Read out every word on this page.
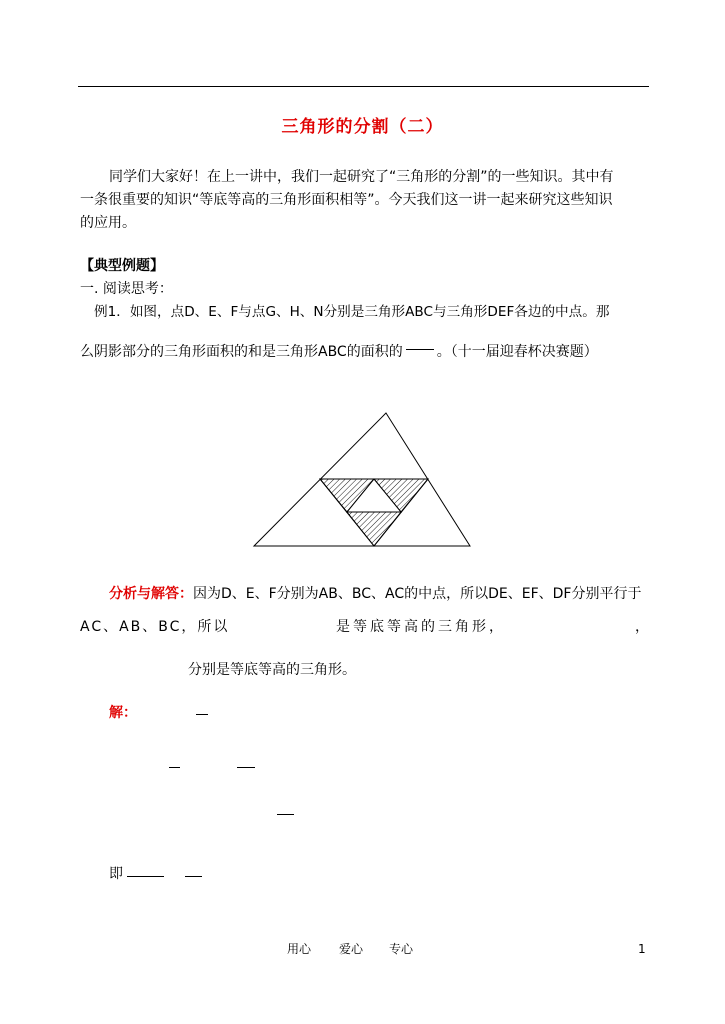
三角形的分割（二）
同学们大家好！在上一讲中，我们一起研究了“三角形的分割”的一些知识。其中有
一条很重要的知识“等底等高的三角形面积相等”。今天我们这一讲一起来研究这些知识
的应用。
【典型例题】
一. 阅读思考：
例1．如图，点D、E、F与点G、H、N分别是三角形ABC与三角形DEF各边的中点。那
么阴影部分的三角形面积的和是三角形ABC的面积的 。（十一届迎春杯决赛题）
分析与解答：因为D、E、F分别为AB、BC、AC的中点，所以DE、EF、DF分别平行于
AC、AB、BC，所以	是等底等高的三角形，	，
分别是等底等高的三角形。
解：
即
用心 爱心 专心	1
